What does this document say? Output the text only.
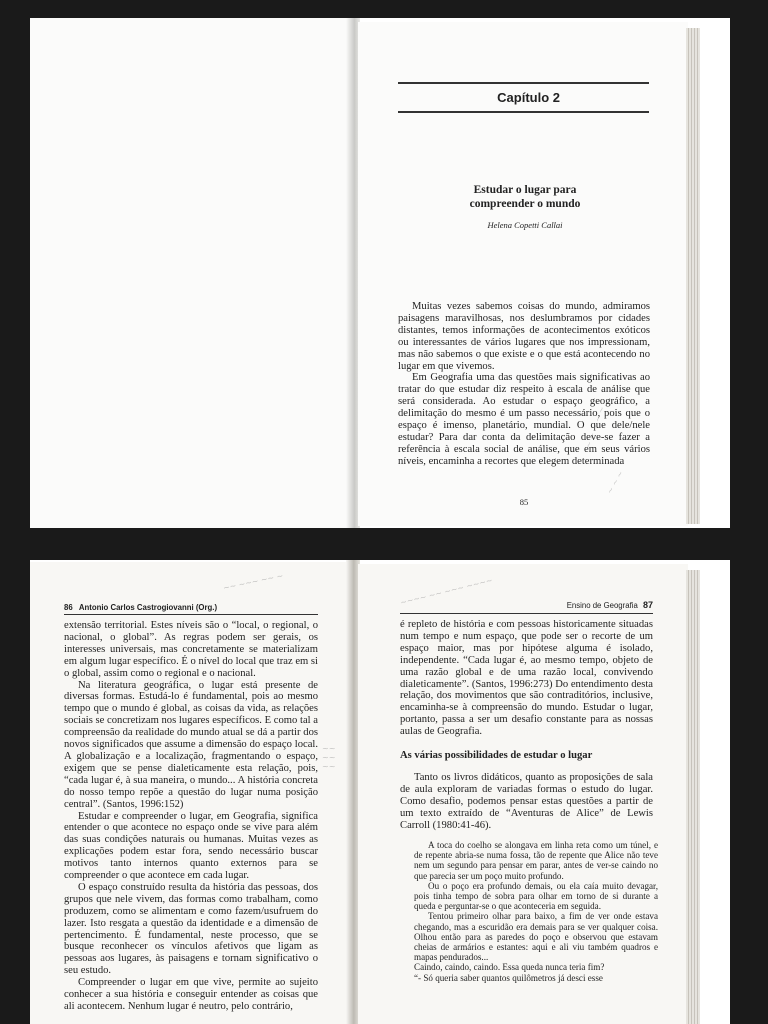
Capítulo 2
Estudar o lugar para
compreender o mundo
Helena Copetti Callai

Muitas vezes sabemos coisas do mundo, admiramos paisagens maravilhosas, nos deslumbramos por cidades distantes, temos informações de acontecimentos exóticos ou interessantes de vários lugares que nos impressionam, mas não sabemos o que existe e o que está acontecendo no lugar em que vivemos.

Em Geografia uma das questões mais significativas ao tratar do que estudar diz respeito à escala de análise que será considerada. Ao estudar o espaço geográfico, a delimitação do mesmo é um passo necessário, pois que o espaço é imenso, planetário, mundial. O que dele/nele estudar? Para dar conta da delimitação deve-se fazer a referência à escala social de análise, que em seus vários níveis, encaminha a recortes que elegem determinada

85
~ ~ ~ ~ ~
~ ~ ~
86 Antonio Carlos Castrogiovanni (Org.)

extensão territorial. Estes níveis são o “local, o regional, o nacional, o global”. As regras podem ser gerais, os interesses universais, mas concretamente se materializam em algum lugar específico. É o nível do local que traz em si o global, assim como o regional e o nacional.

Na literatura geográfica, o lugar está presente de diversas formas. Estudá-lo é fundamental, pois ao mesmo tempo que o mundo é global, as coisas da vida, as relações sociais se concretizam nos lugares específicos. E como tal a compreensão da realidade do mundo atual se dá a partir dos novos significados que assume a dimensão do espaço local. A globalização e a localização, fragmentando o espaço, exigem que se pense dialeticamente esta relação, pois, “cada lugar é, à sua maneira, o mundo... A história concreta do nosso tempo repõe a questão do lugar numa posição central”. (Santos, 1996:152)

Estudar e compreender o lugar, em Geografia, significa entender o que acontece no espaço onde se vive para além das suas condições naturais ou humanas. Muitas vezes as explicações podem estar fora, sendo necessário buscar motivos tanto internos quanto externos para se compreender o que acontece em cada lugar.

O espaço construído resulta da história das pessoas, dos grupos que nele vivem, das formas como trabalham, como produzem, como se alimentam e como fazem/usufruem do lazer. Isto resgata a questão da identidade e a dimensão de pertencimento. É fundamental, neste processo, que se busque reconhecer os vínculos afetivos que ligam as pessoas aos lugares, às paisagens e tornam significativo o seu estudo.

Compreender o lugar em que vive, permite ao sujeito conhecer a sua história e conseguir entender as coisas que ali acontecem. Nenhum lugar é neutro, pelo contrário,

~~ ~~~ ~~ ~
~~
~~
~~
Ensino de Geografia 87

é repleto de história e com pessoas historicamente situadas num tempo e num espaço, que pode ser o recorte de um espaço maior, mas por hipótese alguma é isolado, independente. “Cada lugar é, ao mesmo tempo, objeto de uma razão global e de uma razão local, convivendo dialeticamente”. (Santos, 1996:273) Do entendimento desta relação, dos movimentos que são contraditórios, inclusive, encaminha-se à compreensão do mundo. Estudar o lugar, portanto, passa a ser um desafio constante para as nossas aulas de Geografia.

As várias possibilidades de estudar o lugar

Tanto os livros didáticos, quanto as proposições de sala de aula exploram de variadas formas o estudo do lugar. Como desafio, podemos pensar estas questões a partir de um texto extraído de “Aventuras de Alice” de Lewis Carroll (1980:41-46).

A toca do coelho se alongava em linha reta como um túnel, e de repente abria-se numa fossa, tão de repente que Alice não teve nem um segundo para pensar em parar, antes de ver-se caindo no que parecia ser um poço muito profundo.

Ou o poço era profundo demais, ou ela caía muito devagar, pois tinha tempo de sobra para olhar em torno de si durante a queda e perguntar-se o que aconteceria em seguida.

Tentou primeiro olhar para baixo, a fim de ver onde estava chegando, mas a escuridão era demais para se ver qualquer coisa. Olhou então para as paredes do poço e observou que estavam cheias de armários e estantes: aqui e ali viu também quadros e mapas pendurados...

Caindo, caindo, caindo. Essa queda nunca teria fim?

“- Só queria saber quantos quilômetros já desci esse

~~~~ ~~ ~~~ ~~~~
